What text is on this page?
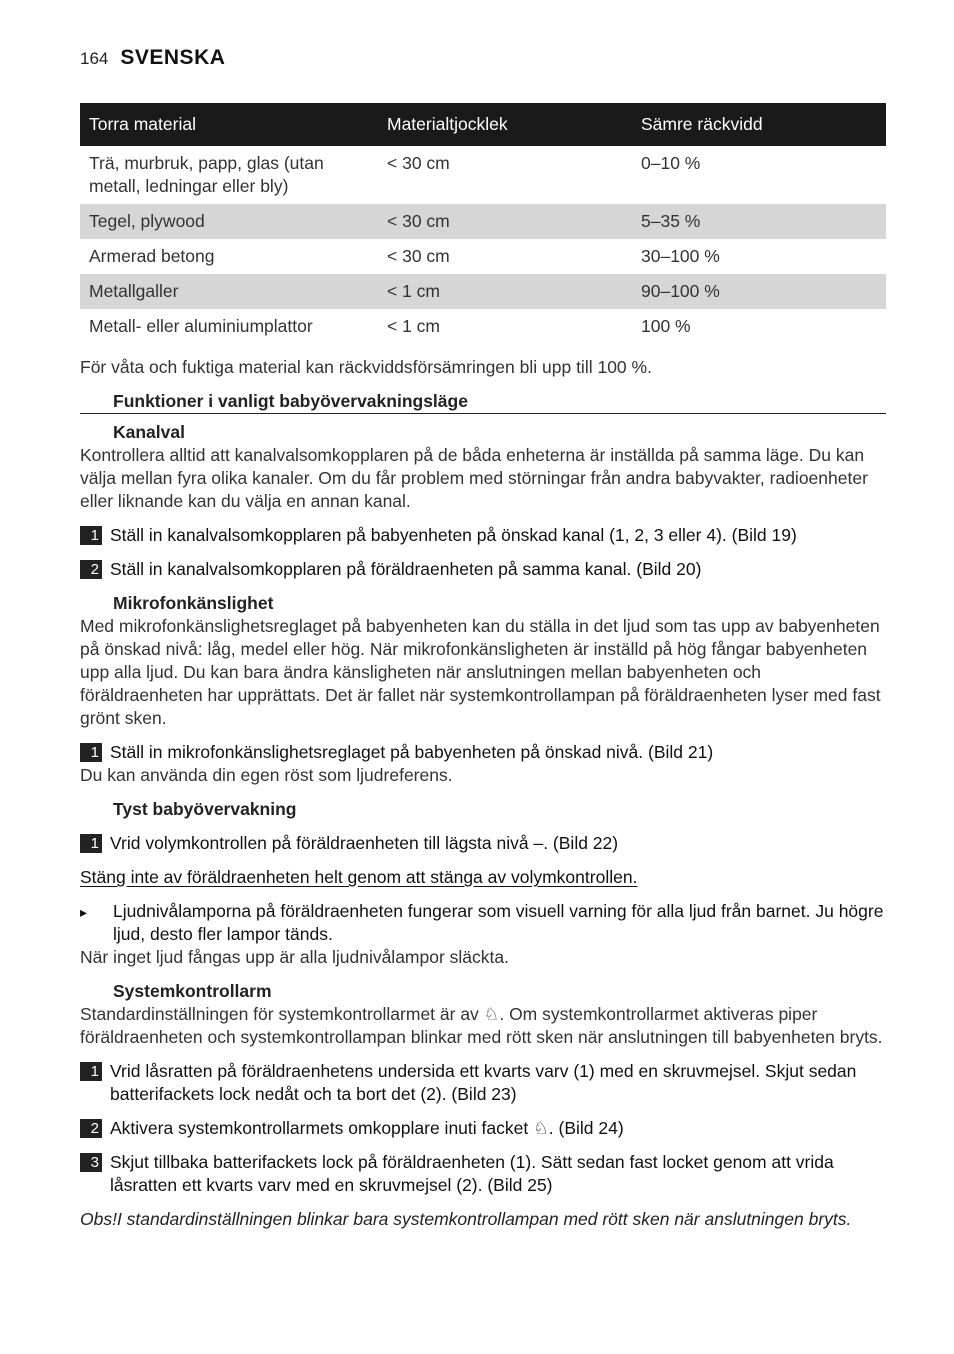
164 SVENSKA
Torra material	Materialtjocklek	Sämre räckvidd
Trä, murbruk, papp, glas (utan metall, ledningar eller bly)	< 30 cm	0–10 %
Tegel, plywood	< 30 cm	5–35 %
Armerad betong	< 30 cm	30–100 %
Metallgaller	< 1 cm	90–100 %
Metall- eller aluminiumplattor	< 1 cm	100 %

För våta och fuktiga material kan räckviddsförsämringen bli upp till 100 %.

Funktioner i vanligt babyövervakningsläge

Kanalval

Kontrollera alltid att kanalvalsomkopplaren på de båda enheterna är inställda på samma läge. Du kan välja mellan fyra olika kanaler. Om du får problem med störningar från andra babyvakter, radioenheter eller liknande kan du välja en annan kanal.

1 Ställ in kanalvalsomkopplaren på babyenheten på önskad kanal (1, 2, 3 eller 4). (Bild 19)
2 Ställ in kanalvalsomkopplaren på föräldraenheten på samma kanal. (Bild 20)

Mikrofonkänslighet

Med mikrofonkänslighetsreglaget på babyenheten kan du ställa in det ljud som tas upp av babyenheten på önskad nivå: låg, medel eller hög. När mikrofonkänsligheten är inställd på hög fångar babyenheten upp alla ljud. Du kan bara ändra känsligheten när anslutningen mellan babyenheten och föräldraenheten har upprättats. Det är fallet när systemkontrollampan på föräldraenheten lyser med fast grönt sken.

1 Ställ in mikrofonkänslighetsreglaget på babyenheten på önskad nivå. (Bild 21)

Du kan använda din egen röst som ljudreferens.

Tyst babyövervakning

1 Vrid volymkontrollen på föräldraenheten till lägsta nivå –. (Bild 22)

Stäng inte av föräldraenheten helt genom att stänga av volymkontrollen.

▸	Ljudnivålamporna på föräldraenheten fungerar som visuell varning för alla ljud från barnet. Ju högre ljud, desto fler lampor tänds.

När inget ljud fångas upp är alla ljudnivålampor släckta.

Systemkontrollarm

Standardinställningen för systemkontrollarmet är av ♘. Om systemkontrollarmet aktiveras piper föräldraenheten och systemkontrollampan blinkar med rött sken när anslutningen till babyenheten bryts.

1 Vrid låsratten på föräldraenhetens undersida ett kvarts varv (1) med en skruvmejsel. Skjut sedan batterifackets lock nedåt och ta bort det (2). (Bild 23)
2 Aktivera systemkontrollarmets omkopplare inuti facket ♘. (Bild 24)
3 Skjut tillbaka batterifackets lock på föräldraenheten (1). Sätt sedan fast locket genom att vrida låsratten ett kvarts varv med en skruvmejsel (2). (Bild 25)

Obs!I standardinställningen blinkar bara systemkontrollampan med rött sken när anslutningen bryts.
